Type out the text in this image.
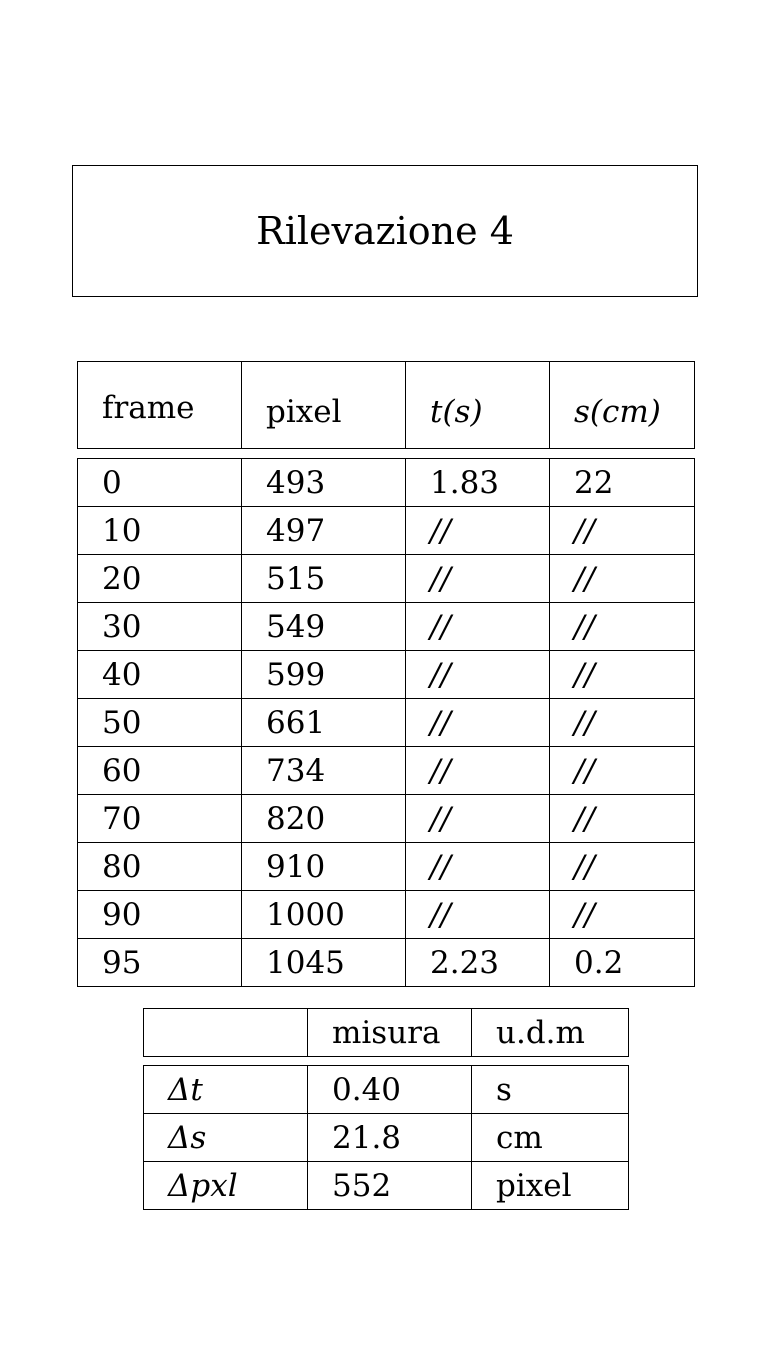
Rilevazione 4
frame	pixel	t(s)	s(cm)

0	493	1.83	22
10	497	//	//
20	515	//	//
30	549	//	//
40	599	//	//
50	661	//	//
60	734	//	//
70	820	//	//
80	910	//	//
90	1000	//	//
95	1045	2.23	0.2
	misura	u.d.m

Δt	0.40	s
Δs	21.8	cm
Δpxl	552	pixel
